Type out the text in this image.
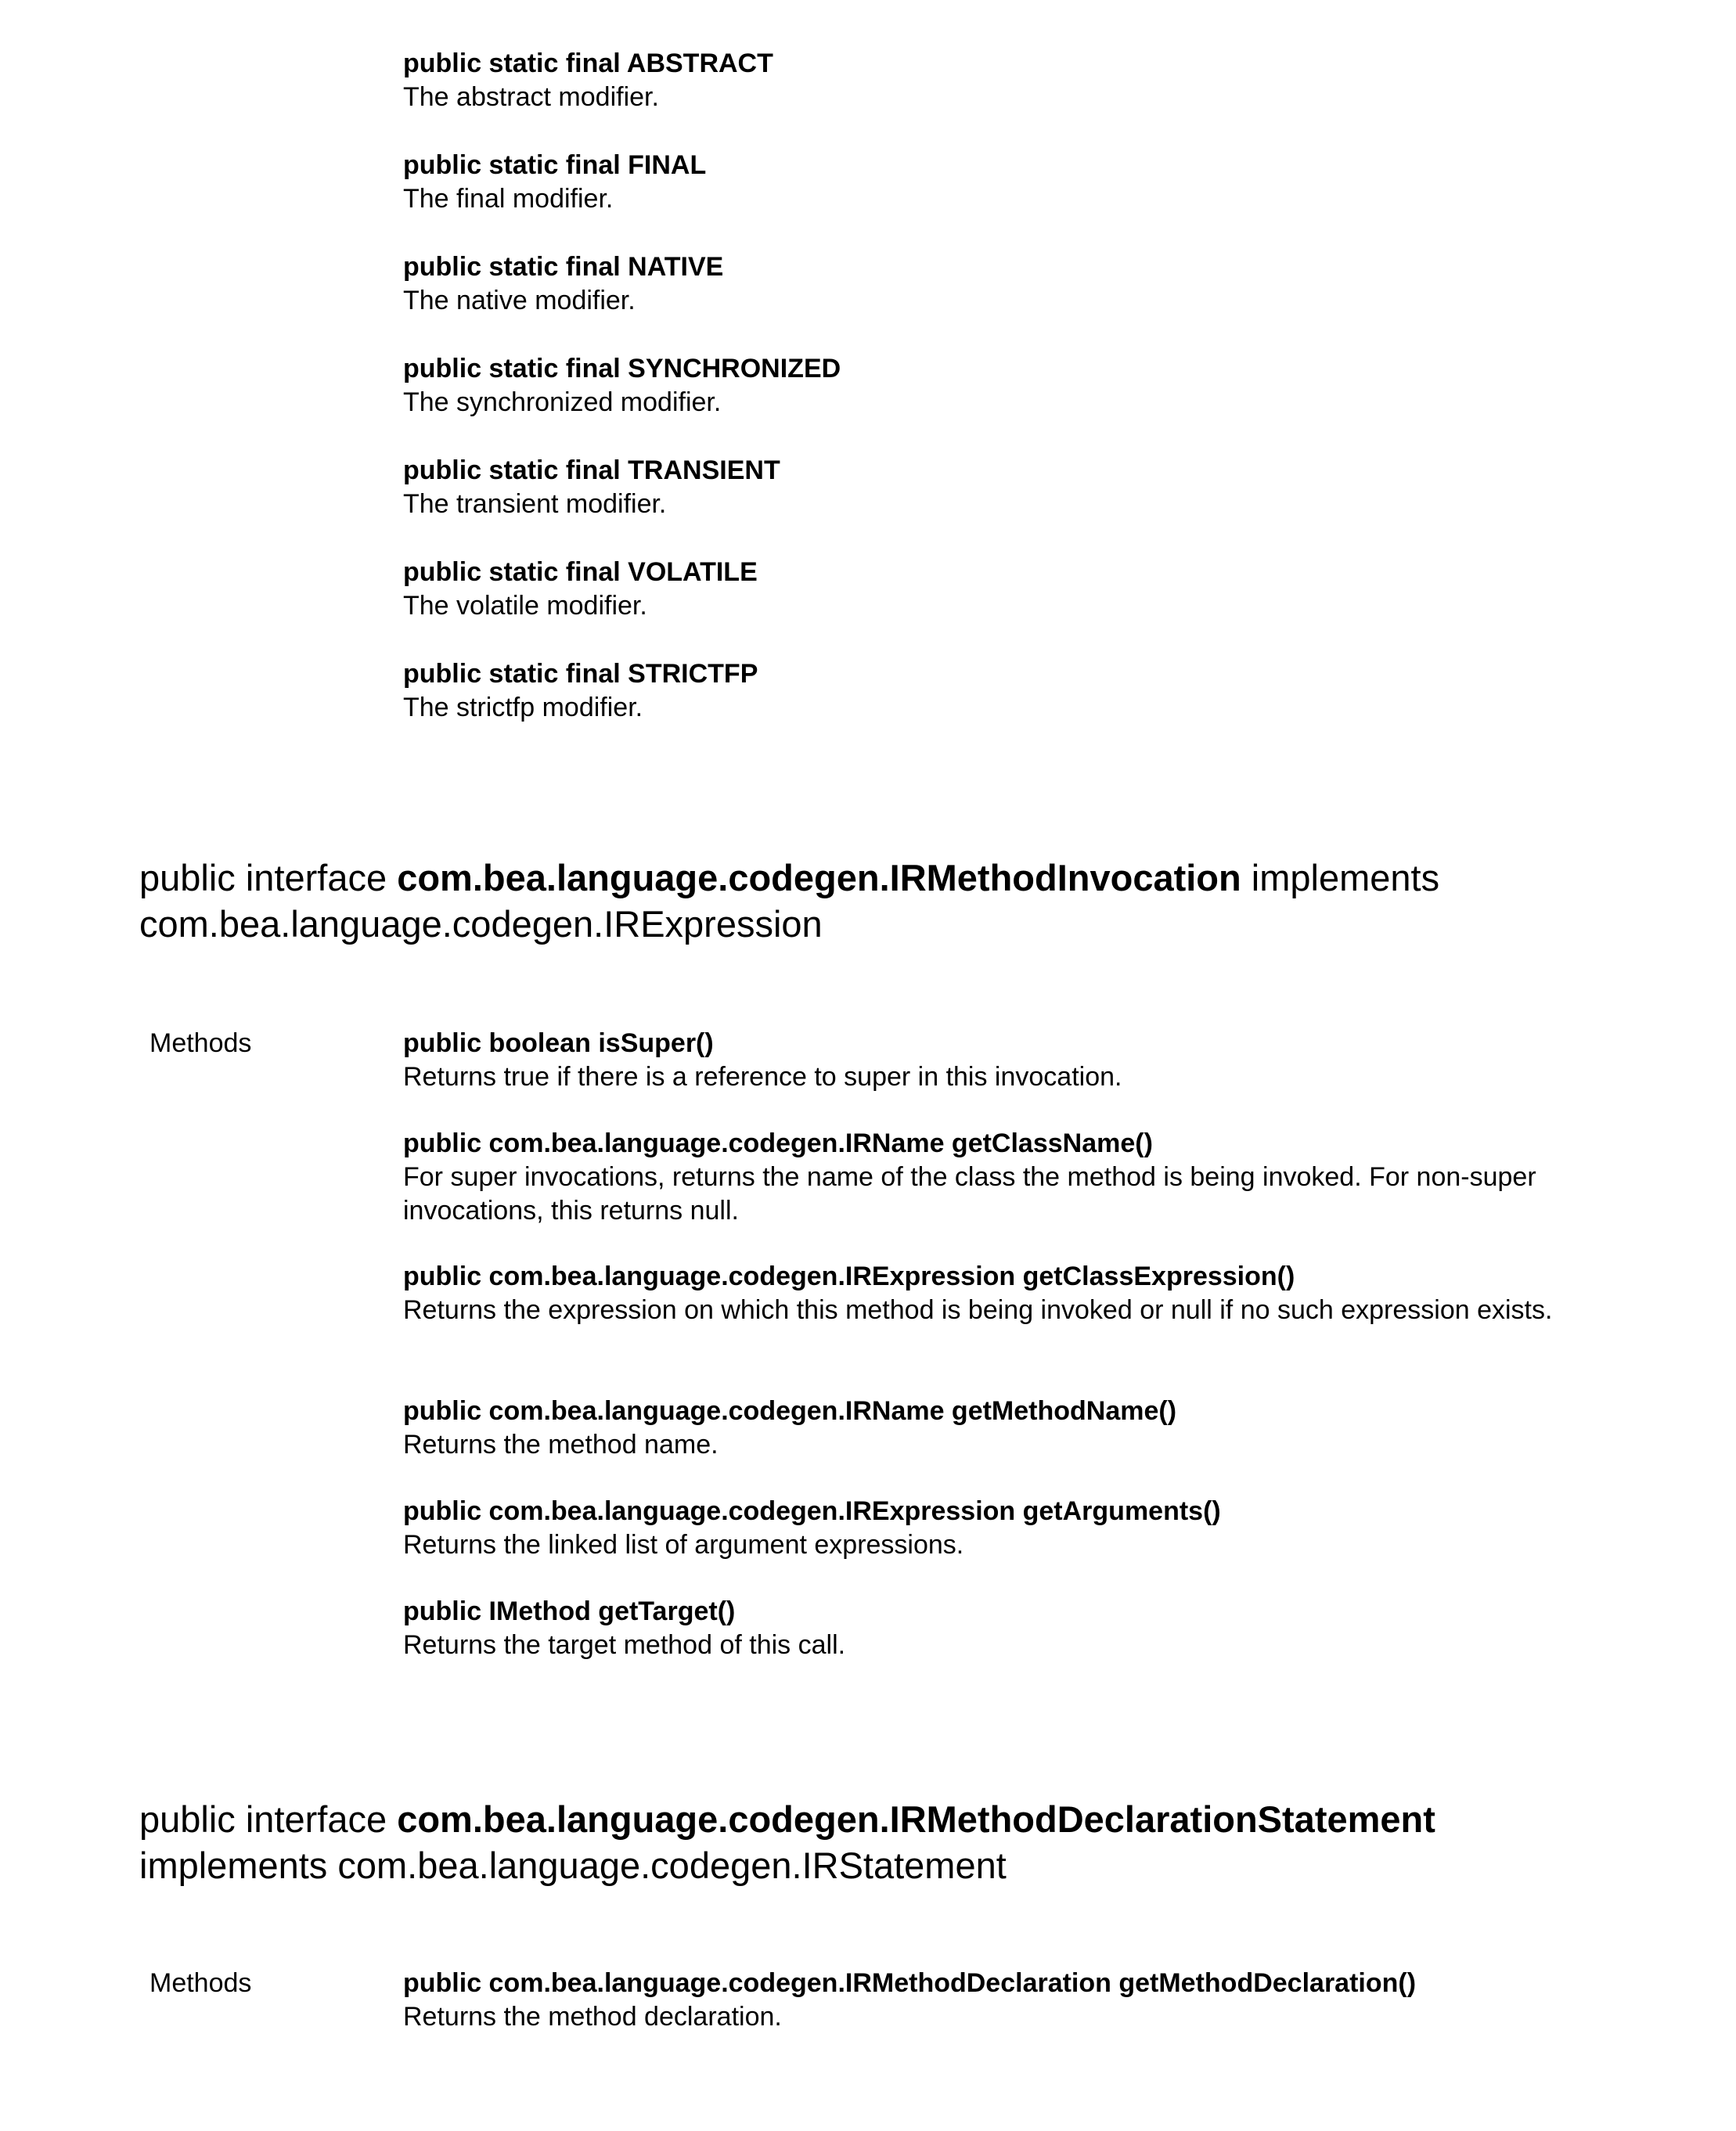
public static final ABSTRACT
The abstract modifier.
public static final FINAL
The final modifier.
public static final NATIVE
The native modifier.
public static final SYNCHRONIZED
The synchronized modifier.
public static final TRANSIENT
The transient modifier.
public static final VOLATILE
The volatile modifier.
public static final STRICTFP
The strictfp modifier.
public interface com.bea.language.codegen.IRMethodInvocation implements
com.bea.language.codegen.IRExpression
Methods	public boolean isSuper()
Returns true if there is a reference to super in this invocation.
public com.bea.language.codegen.IRName getClassName()
For super invocations, returns the name of the class the method is being invoked. For non-super invocations, this returns null.
public com.bea.language.codegen.IRExpression getClassExpression()
Returns the expression on which this method is being invoked or null if no such expression exists.
public com.bea.language.codegen.IRName getMethodName()
Returns the method name.
public com.bea.language.codegen.IRExpression getArguments()
Returns the linked list of argument expressions.
public IMethod getTarget()
Returns the target method of this call.
public interface com.bea.language.codegen.IRMethodDeclarationStatement
implements com.bea.language.codegen.IRStatement
Methods	public com.bea.language.codegen.IRMethodDeclaration getMethodDeclaration()
Returns the method declaration.
